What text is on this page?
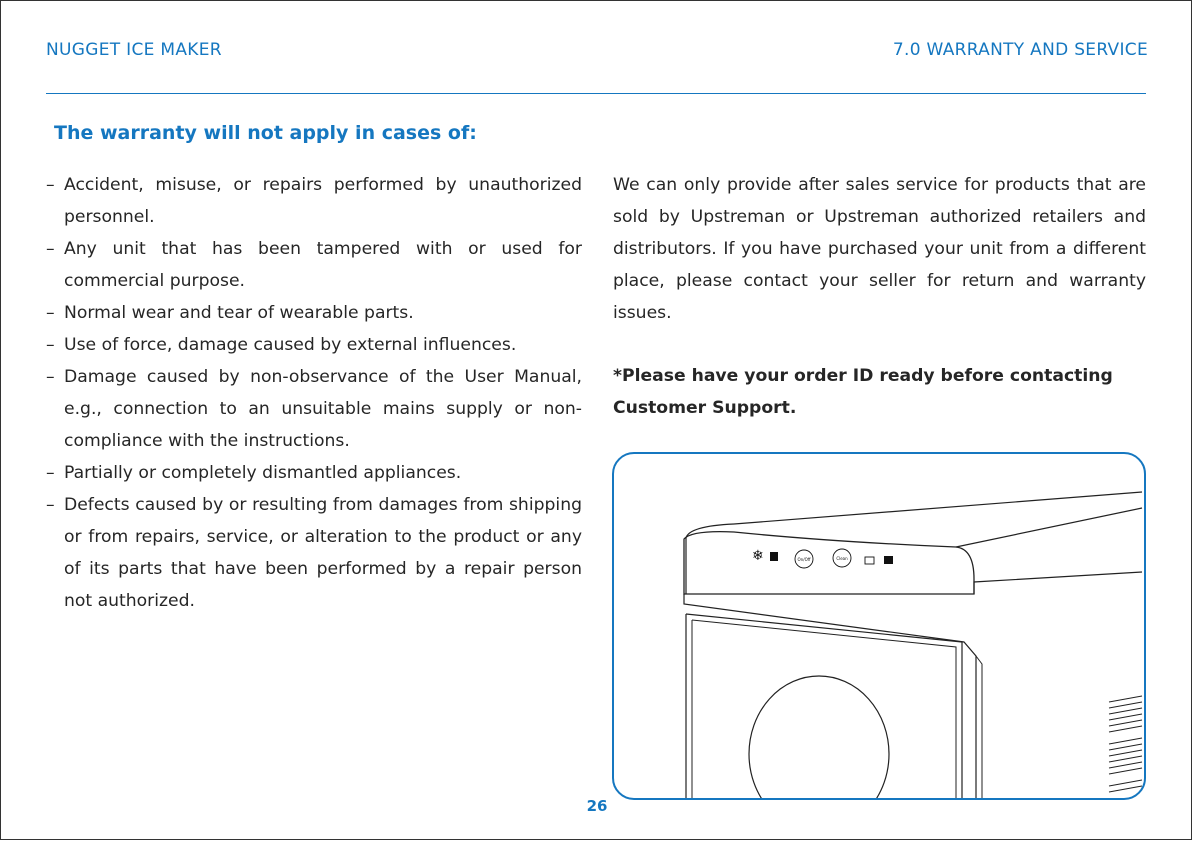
NUGGET ICE MAKER	7.0 WARRANTY AND SERVICE
The warranty will not apply in cases of:
– Accident, misuse, or repairs performed by unauthorized personnel.
– Any unit that has been tampered with or used for commercial purpose.
– Normal wear and tear of wearable parts.
– Use of force, damage caused by external influences.
– Damage caused by non-observance of the User Manual, e.g., connection to an unsuitable mains supply or non-compliance with the instructions.
– Partially or completely dismantled appliances.
– Defects caused by or resulting from damages from shipping or from repairs, service, or alteration to the product or any of its parts that have been performed by a repair person not authorized.

We can only provide after sales service for products that are sold by Upstreman or Upstreman authorized retailers and distributors. If you have purchased your unit from a different place, please contact your seller for return and warranty issues.

*Please have your order ID ready before contacting Customer Support.

❄	On/Off	Clean
26
